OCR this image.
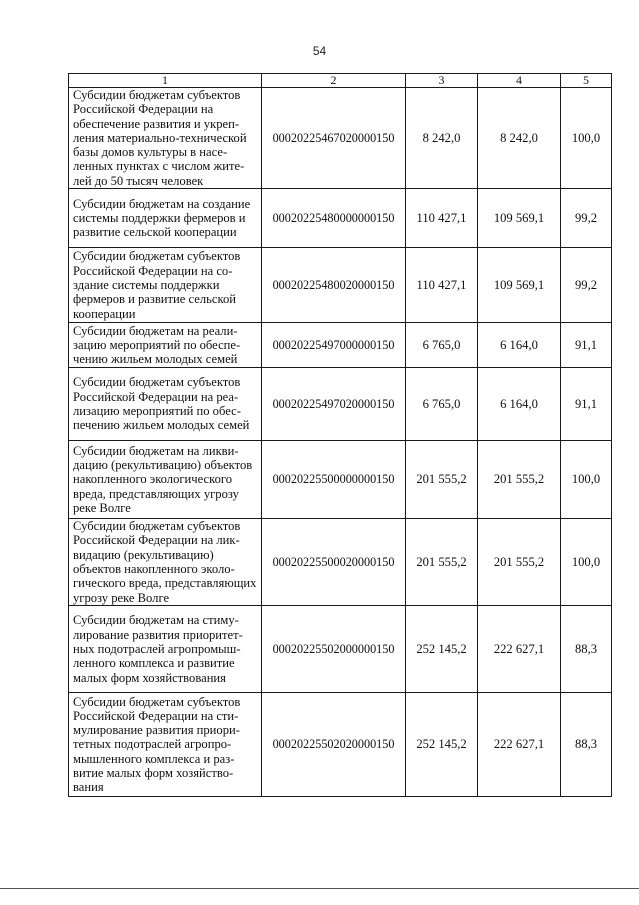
54
1	2	3	4	5
Субсидии бюджетам субъектов Российской Федерации на обеспечение развития и укрепления материально-технической базы домов культуры в населенных пунктах с числом жителей до 50 тысяч человек	00020225467020000150	8 242,0	8 242,0	100,0
Субсидии бюджетам на создание системы поддержки фермеров и развитие сельской кооперации	00020225480000000150	110 427,1	109 569,1	99,2
Субсидии бюджетам субъектов Российской Федерации на создание системы поддержки фермеров и развитие сельской кооперации	00020225480020000150	110 427,1	109 569,1	99,2
Субсидии бюджетам на реализацию мероприятий по обеспечению жильем молодых семей	00020225497000000150	6 765,0	6 164,0	91,1
Субсидии бюджетам субъектов Российской Федерации на реализацию мероприятий по обеспечению жильем молодых семей	00020225497020000150	6 765,0	6 164,0	91,1
Субсидии бюджетам на ликвидацию (рекультивацию) объектов накопленного экологического вреда, представляющих угрозу реке Волге	00020225500000000150	201 555,2	201 555,2	100,0
Субсидии бюджетам субъектов Российской Федерации на ликвидацию (рекультивацию) объектов накопленного экологического вреда, представляющих угрозу реке Волге	00020225500020000150	201 555,2	201 555,2	100,0
Субсидии бюджетам на стимулирование развития приоритетных подотраслей агропромышленного комплекса и развитие малых форм хозяйствования	00020225502000000150	252 145,2	222 627,1	88,3
Субсидии бюджетам субъектов Российской Федерации на стимулирование развития приоритетных подотраслей агропромышленного комплекса и развитие малых форм хозяйствования	00020225502020000150	252 145,2	222 627,1	88,3
